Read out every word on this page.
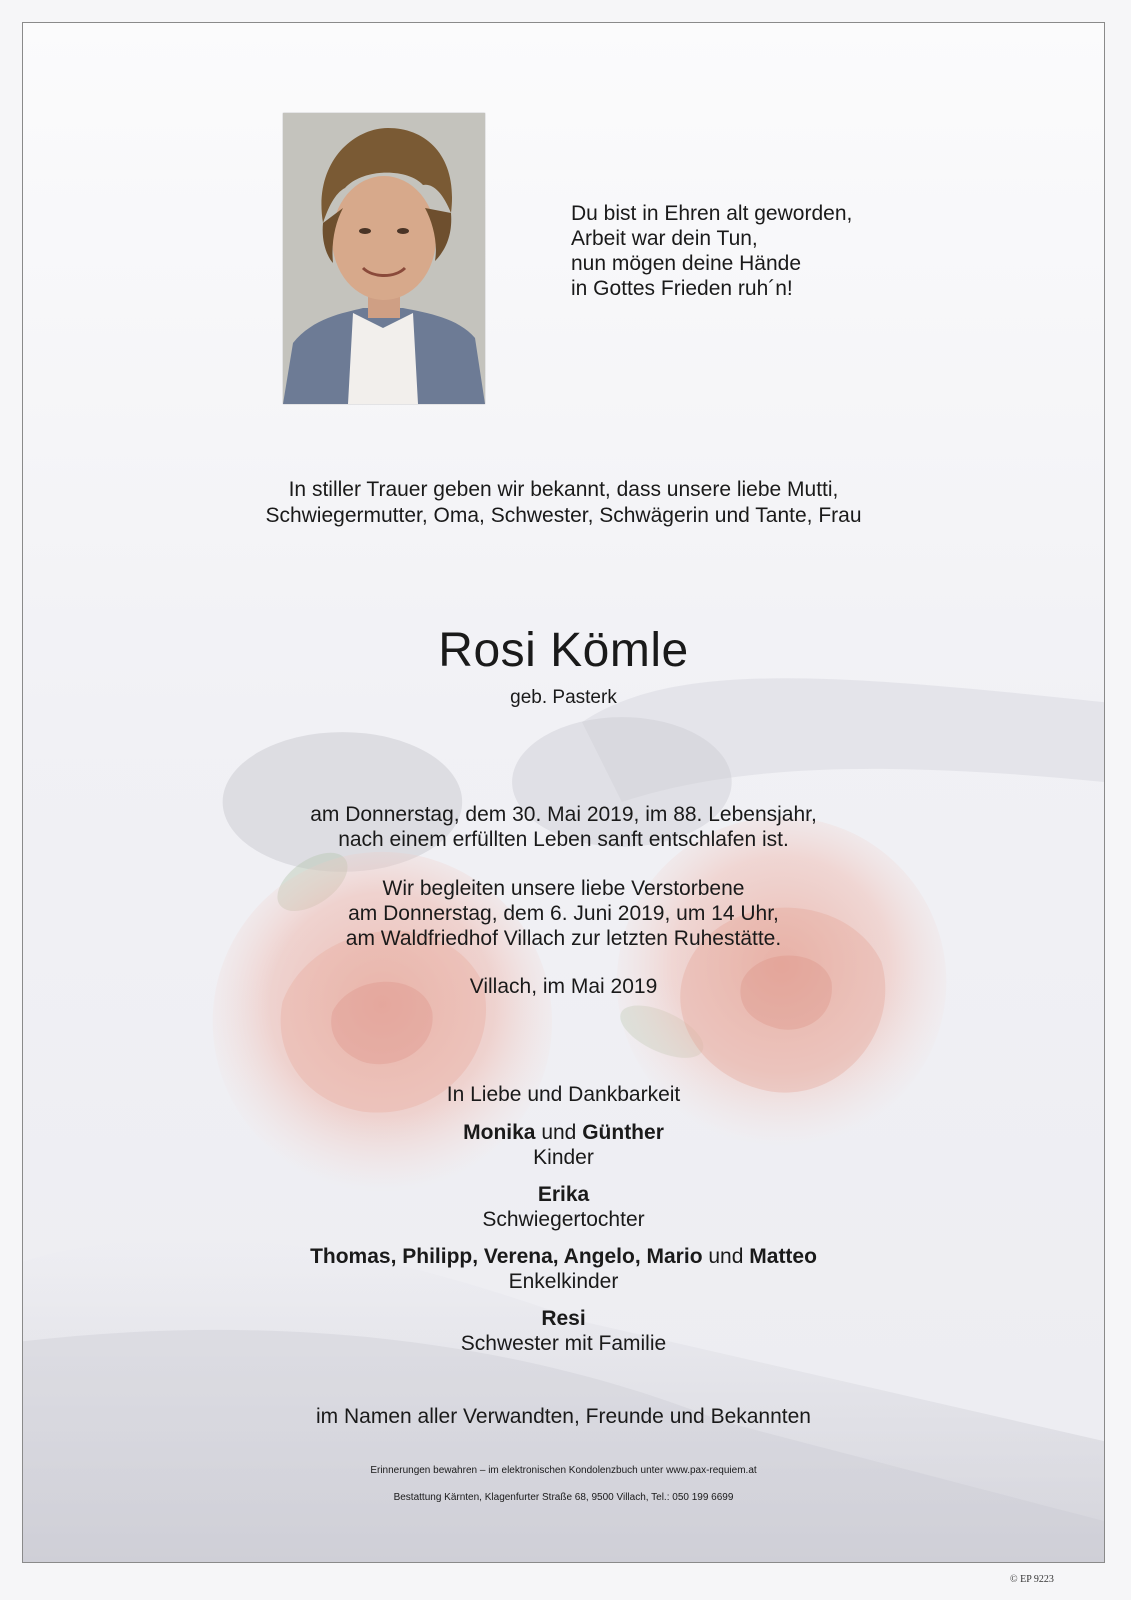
Du bist in Ehren alt geworden,
Arbeit war dein Tun,
nun mögen deine Hände
in Gottes Frieden ruh´n!
In stiller Trauer geben wir bekannt, dass unsere liebe Mutti,
Schwiegermutter, Oma, Schwester, Schwägerin und Tante, Frau
Rosi Kömle
geb. Pasterk
am Donnerstag, dem 30. Mai 2019, im 88. Lebensjahr,
nach einem erfüllten Leben sanft entschlafen ist.
Wir begleiten unsere liebe Verstorbene
am Donnerstag, dem 6. Juni 2019, um 14 Uhr,
am Waldfriedhof Villach zur letzten Ruhestätte.
Villach, im Mai 2019
In Liebe und Dankbarkeit
Monika und Günther
Kinder
Erika
Schwiegertochter
Thomas, Philipp, Verena, Angelo, Mario und Matteo
Enkelkinder
Resi
Schwester mit Familie
im Namen aller Verwandten, Freunde und Bekannten
Erinnerungen bewahren – im elektronischen Kondolenzbuch unter www.pax-requiem.at
Bestattung Kärnten, Klagenfurter Straße 68, 9500 Villach, Tel.: 050 199 6699
© EP 9223
